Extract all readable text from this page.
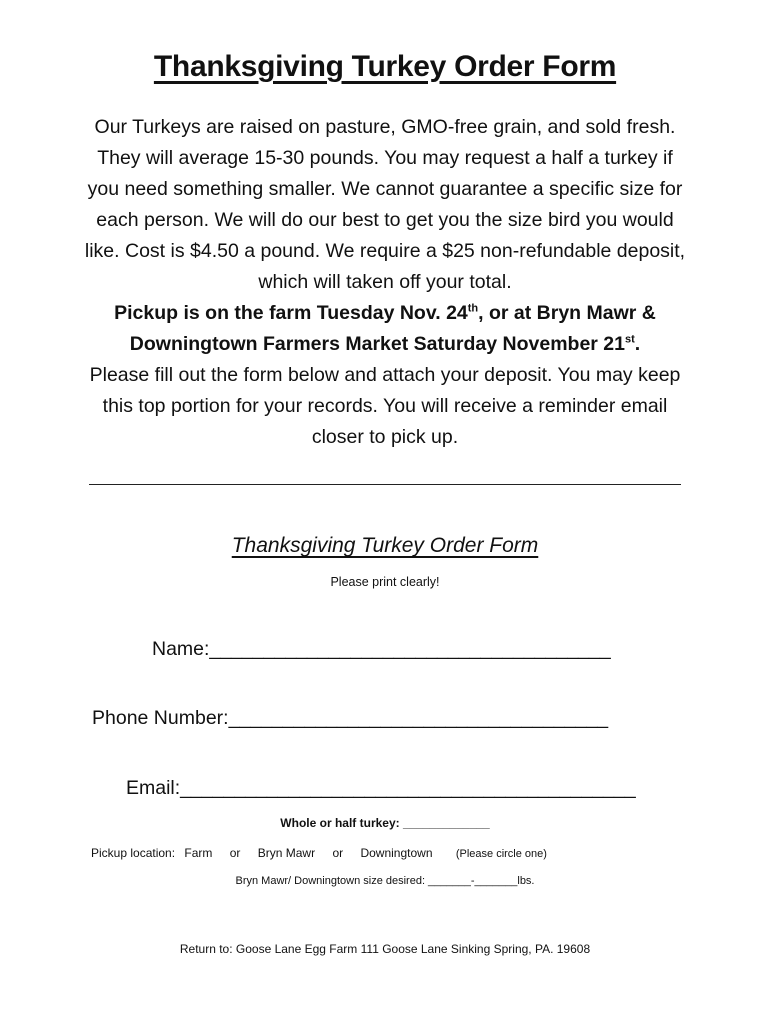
Thanksgiving Turkey Order Form

Our Turkeys are raised on pasture, GMO-free grain, and sold fresh. They will average 15-30 pounds. You may request a half a turkey if you need something smaller. We cannot guarantee a specific size for each person. We will do our best to get you the size bird you would like. Cost is $4.50 a pound. We require a $25 non-refundable deposit, which will taken off your total.

Pickup is on the farm Tuesday Nov. 24th, or at Bryn Mawr & Downingtown Farmers Market Saturday November 21st.

Please fill out the form below and attach your deposit. You may keep this top portion for your records. You will receive a reminder email closer to pick up.

Thanksgiving Turkey Order Form
Please print clearly!
Name:_____________________________________
Phone Number:___________________________________
Email:__________________________________________
Whole or half turkey: _____________
Pickup location: Farm or Bryn Mawr or Downingtown (Please circle one)
Bryn Mawr/ Downingtown size desired: _______-_______lbs.
Return to: Goose Lane Egg Farm 111 Goose Lane Sinking Spring, PA. 19608
